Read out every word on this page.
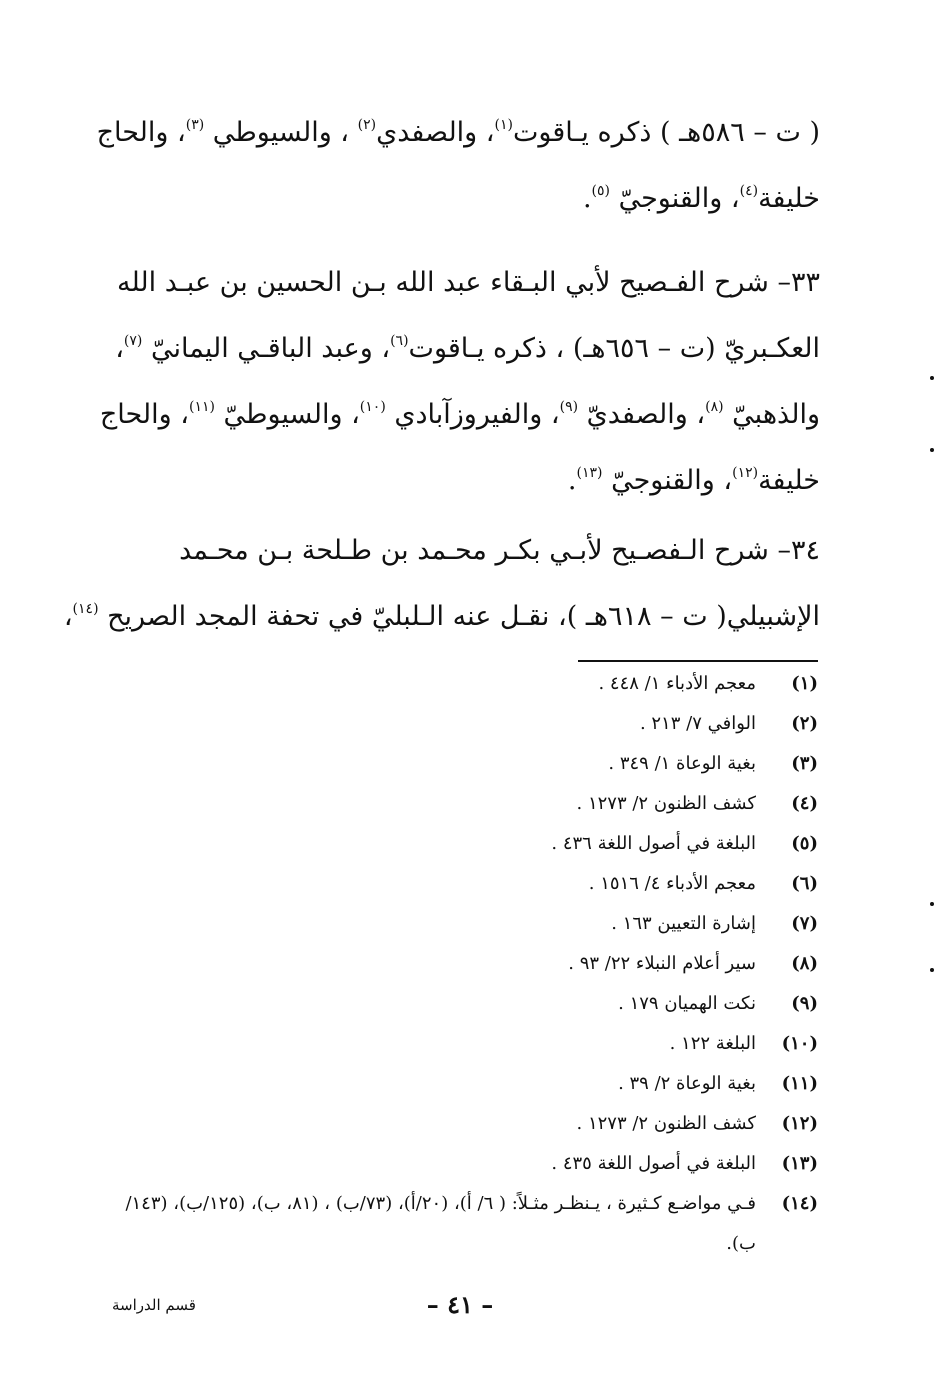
( ت – ٥٨٦هـ ) ذكره يـاقوت$^{(١)}$، والصفدي$^{(٢)}$ ، والسيوطي $^{(٣)}$، والحاج
خليفة$^{(٤)}$، والقنوجيّ $^{(٥)}$.
٣٣– شرح الفـصيح لأبي البـقاء عبد الله بـن الحسين بن عبـد الله
العكـبريّ (ت – ٦٥٦هـ) ، ذكره يـاقوت$^{(٦)}$، وعبد الباقـي اليمانيّ $^{(٧)}$،
والذهبيّ $^{(٨)}$، والصفديّ $^{(٩)}$، والفيروزآبادي $^{(١٠)}$، والسيوطيّ $^{(١١)}$، والحاج
خليفة$^{(١٢)}$، والقنوجيّ $^{(١٣)}$.
٣٤– شرح الـفصـيح لأبـي بكـر محـمد بن طـلحة بـن محـمد
الإشبيلي( ت – ٦١٨هـ )، نقـل عنه الـلبليّ في تحفة المجد الصريح $^{(١٤)}$،
(١)
معجم الأدباء ١/ ٤٤٨ .
(٢)
الوافي ٧/ ٢١٣ .
(٣)
بغية الوعاة ١/ ٣٤٩ .
(٤)
كشف الظنون ٢/ ١٢٧٣ .
(٥)
البلغة في أصول اللغة ٤٣٦ .
(٦)
معجم الأدباء ٤/ ١٥١٦ .
(٧)
إشارة التعيين ١٦٣ .
(٨)
سير أعلام النبلاء ٢٢/ ٩٣ .
(٩)
نكت الهميان ١٧٩ .
(١٠)
البلغة ١٢٢ .
(١١)
بغية الوعاة ٢/ ٣٩ .
(١٢)
كشف الظنون ٢/ ١٢٧٣ .
(١٣)
البلغة في أصول اللغة ٤٣٥ .
(١٤)
فـي مواضـع كـثيرة ، يـنظـر مثـلاً: ( ٦/ أ)، (٢٠/أ)، (٧٣/ب) ، (٨١، ب)، (١٢٥/ب)، (١٤٣/ب).
– ٤١ –
قسم الدراسة
